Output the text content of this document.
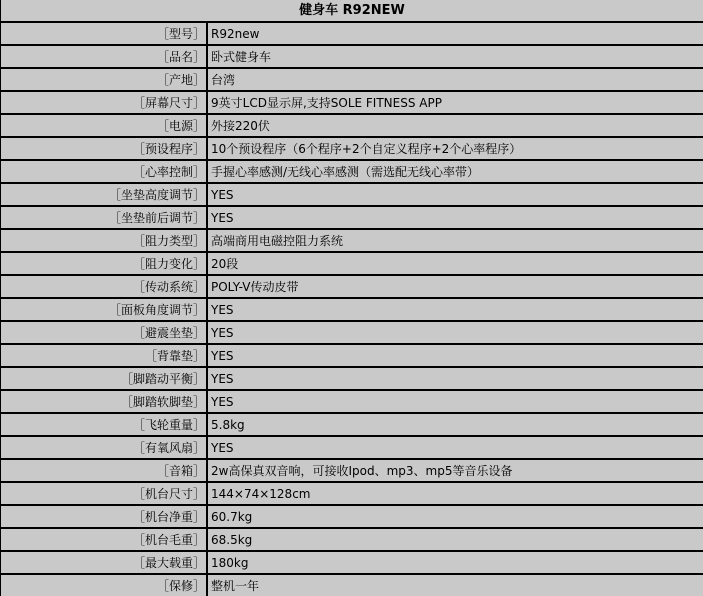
健身车 R92NEW
［型号］ R92new
［品名］ 卧式健身车
［产地］ 台湾
［屏幕尺寸］ 9英寸LCD显示屏,支持SOLE FITNESS APP
［电源］ 外接220伏
［预设程序］ 10个预设程序（6个程序+2个自定义程序+2个心率程序）
［心率控制］ 手握心率感测/无线心率感测（需选配无线心率带）
［坐垫高度调节］ YES
［坐垫前后调节］ YES
［阻力类型］ 高端商用电磁控阻力系统
［阻力变化］ 20段
［传动系统］ POLY-V传动皮带
［面板角度调节］ YES
［避震坐垫］ YES
［背靠垫］ YES
［脚踏动平衡］ YES
［脚踏软脚垫］ YES
［飞轮重量］ 5.8kg
［有氧风扇］ YES
［音箱］ 2w高保真双音响，可接收Ipod、mp3、mp5等音乐设备
［机台尺寸］ 144×74×128cm
［机台净重］ 60.7kg
［机台毛重］ 68.5kg
［最大载重］ 180kg
［保修］ 整机一年
